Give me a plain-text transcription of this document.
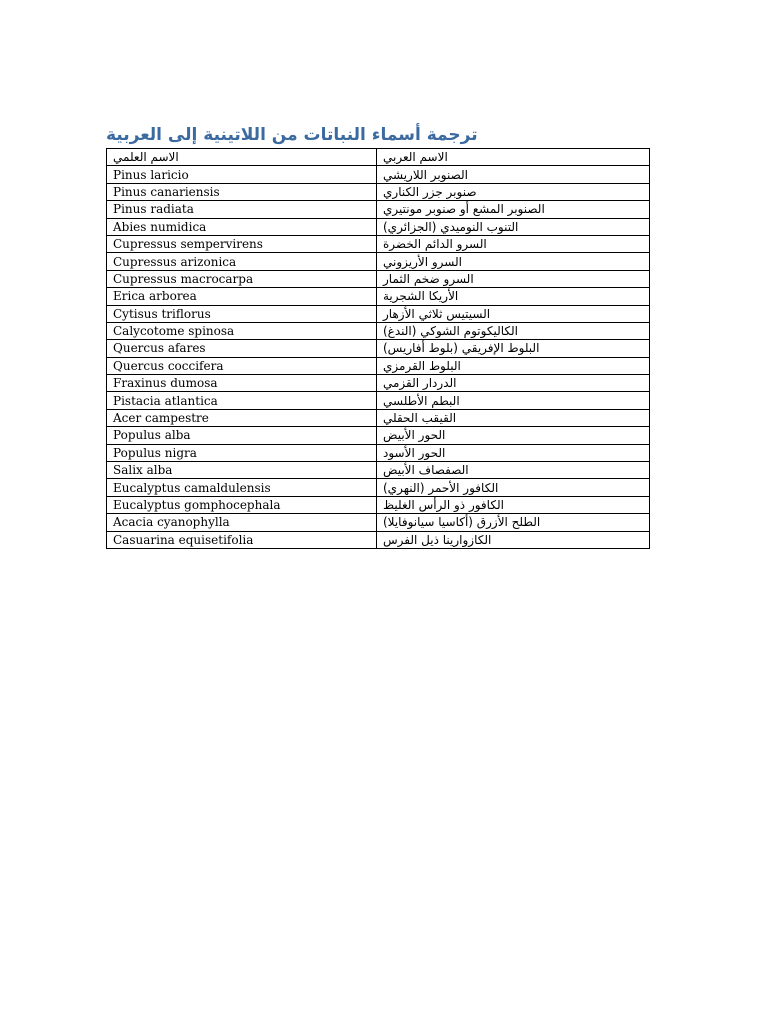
ترجمة أسماء النباتات من اللاتينية إلى العربية
الاسم العلمي	الاسم العربي
Pinus laricio	الصنوبر اللاريشي
Pinus canariensis	صنوبر جزر الكناري
Pinus radiata	الصنوبر المشع أو صنوبر مونتيري
Abies numidica	التنوب النوميدي (الجزائري)
Cupressus sempervirens	السرو الدائم الخضرة
Cupressus arizonica	السرو الأريزوني
Cupressus macrocarpa	السرو ضخم الثمار
Erica arborea	الأريكا الشجرية
Cytisus triflorus	السيتيس ثلاثي الأزهار
Calycotome spinosa	الكاليكوتوم الشوكي (الندغ)
Quercus afares	البلوط الإفريقي (بلوط أفاريس)
Quercus coccifera	البلوط القرمزي
Fraxinus dumosa	الدردار القزمي
Pistacia atlantica	البطم الأطلسي
Acer campestre	القيقب الحقلي
Populus alba	الحور الأبيض
Populus nigra	الحور الأسود
Salix alba	الصفصاف الأبيض
Eucalyptus camaldulensis	الكافور الأحمر (النهري)
Eucalyptus gomphocephala	الكافور ذو الرأس الغليظ
Acacia cyanophylla	الطلح الأزرق (أكاسيا سيانوفايلا)
Casuarina equisetifolia	الكازوارينا ذيل الفرس
